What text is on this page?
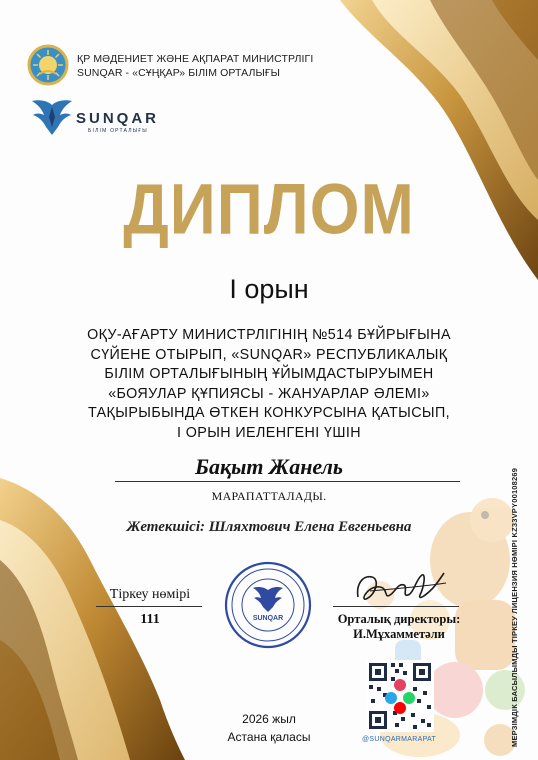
ҚР МӘДЕНИЕТ ЖӘНЕ АҚПАРАТ МИНИСТРЛІГІ
SUNQAR - «СҰҢҚАР» БІЛІМ ОРТАЛЫҒЫ
SUNQAR
БІЛІМ ОРТАЛЫҒЫ
ДИПЛОМ
I орын
ОҚУ-АҒАРТУ МИНИСТРЛІГІНІҢ №514 БҰЙРЫҒЫНА
СҮЙЕНЕ ОТЫРЫП, «SUNQAR» РЕСПУБЛИКАЛЫҚ
БІЛІМ ОРТАЛЫҒЫНЫҢ ҰЙЫМДАСТЫРУЫМЕН
«БОЯУЛАР ҚҰПИЯСЫ - ЖАНУАРЛАР ӘЛЕМІ»
ТАҚЫРЫБЫНДА ӨТКЕН КОНКУРСЫНА ҚАТЫСЫП,
I ОРЫН ИЕЛЕНГЕНІ ҮШІН
Бақыт Жанель
МАРАПАТТАЛАДЫ.
Жетекшісі: Шляхтович Елена Евгеньевна
Тіркеу нөмірі
111	SUNQAR	Орталық директоры:
И.Мұхамметәли
@SUNQARMARAPAT
2026 жыл
Астана қаласы	МЕРЗІМДІК БАСЫЛЫМДЫ ТІРКЕУ ЛИЦЕНЗИЯ НӨМІРІ KZ33VPY00108269
